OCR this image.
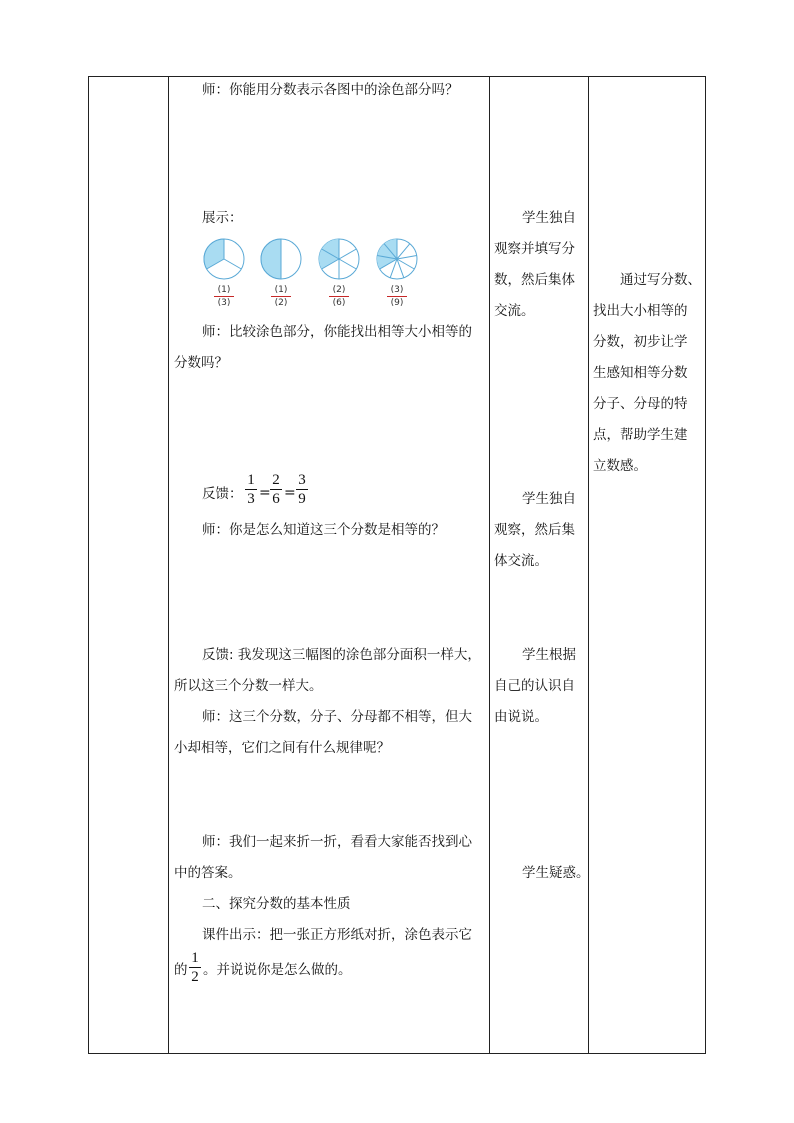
师：你能用分数表示各图中的涂色部分吗？
展示：
(1)
(3)
(1)
(2)
(2)
(6)
(3)
(9)
师：比较涂色部分，你能找出相等大小相等的
分数吗？
反馈：
1
3 =
2
6 =
3
9
师：你是怎么知道这三个分数是相等的？
反馈: 我发现这三幅图的涂色部分面积一样大，
所以这三个分数一样大。
师：这三个分数，分子、分母都不相等，但大
小却相等，它们之间有什么规律呢？
师：我们一起来折一折，看看大家能否找到心
中的答案。
二、探究分数的基本性质
课件出示：把一张正方形纸对折，涂色表示它
的
1
2 。并说说你是怎么做的。
学生独自
观察并填写分
数，然后集体
交流。
学生独自
观察，然后集
体交流。
学生根据
自己的认识自
由说说。
学生疑惑。
通过写分数、
找出大小相等的
分数，初步让学
生感知相等分数
分子、分母的特
点，帮助学生建
立数感。
